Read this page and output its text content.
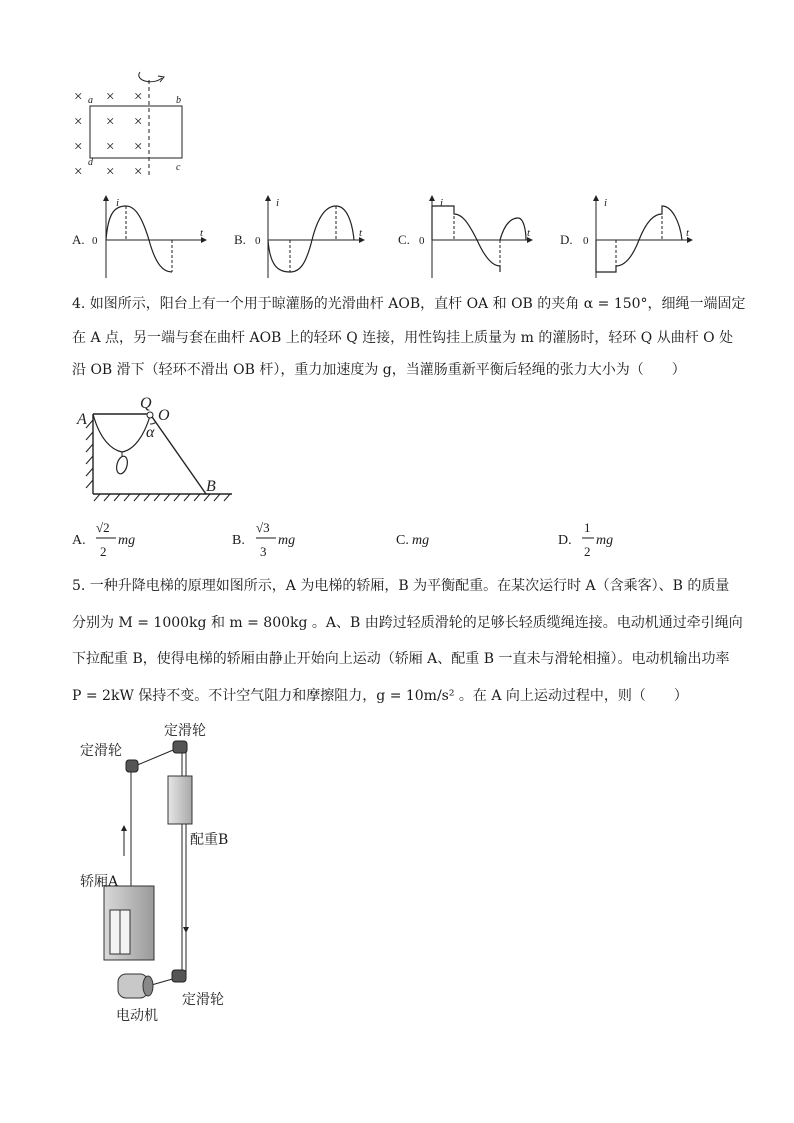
× × ×
× × ×
× × ×
× × ×
a	b
c
d
i
t
i
t
i
t
i
t
0	0	0	0
A.	B.	C.	D.
4. 如图所示，阳台上有一个用于晾灌肠的光滑曲杆 AOB，直杆 OA 和 OB 的夹角 α = 150°，细绳一端固定
在 A 点，另一端与套在曲杆 AOB 上的轻环 Q 连接，用性钩挂上质量为 m 的灌肠时，轻环 Q 从曲杆 O 处
沿 OB 滑下（轻环不滑出 OB 杆），重力加速度为 g，当灌肠重新平衡后轻绳的张力大小为（　　）
A
Q
O
α
B
A.
√2
2
mg	B.
√3
3
mg	C. mg	D.
1
2
mg
5. 一种升降电梯的原理如图所示，A 为电梯的轿厢，B 为平衡配重。在某次运行时 A（含乘客）、B 的质量
分别为 M = 1000kg 和 m = 800kg 。A、B 由跨过轻质滑轮的足够长轻质缆绳连接。电动机通过牵引绳向
下拉配重 B，使得电梯的轿厢由静止开始向上运动（轿厢 A、配重 B 一直未与滑轮相撞）。电动机输出功率
P = 2kW 保持不变。不计空气阻力和摩擦阻力，g = 10m/s² 。在 A 向上运动过程中，则（　　）
定滑轮
定滑轮
配重B
轿厢A
定滑轮
电动机
